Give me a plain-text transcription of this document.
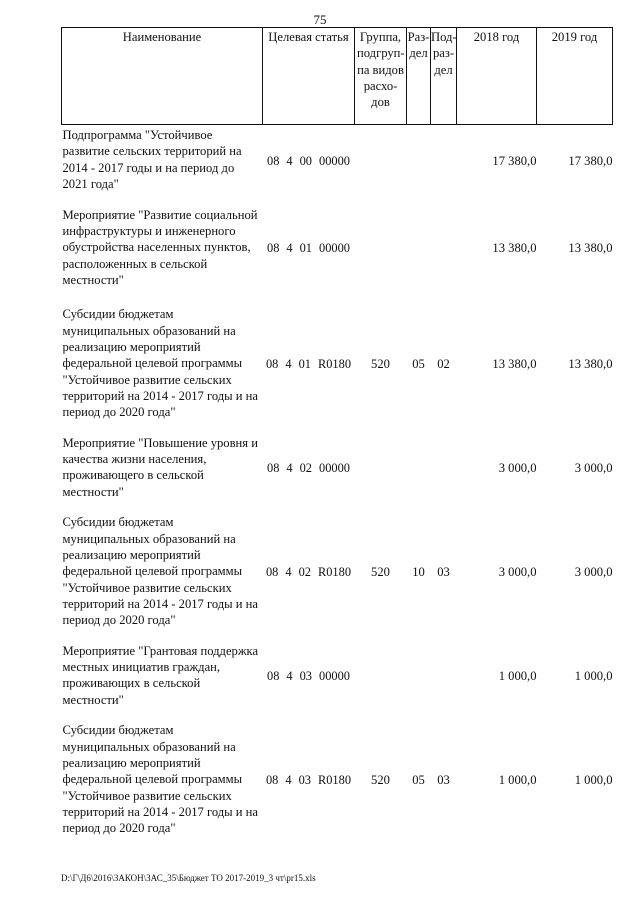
75
Наименование	Целевая статья	Группа, подгруп-па видов расхо-дов	Раз-дел	Под-раз-дел	2018 год	2019 год
Подпрограмма "Устойчивое развитие сельских территорий на 2014 - 2017 годы и на период до 2021 года"	08 4 00 00000				17 380,0	17 380,0
Мероприятие "Развитие социальной инфраструктуры и инженерного обустройства населенных пунктов, расположенных в сельской местности"	08 4 01 00000				13 380,0	13 380,0
Субсидии бюджетам муниципальных образований на реализацию мероприятий федеральной целевой программы "Устойчивое развитие сельских территорий на 2014 - 2017 годы и на период до 2020 года"	08 4 01 R0180	520	05	02	13 380,0	13 380,0
Мероприятие "Повышение уровня и качества жизни населения, проживающего в сельской местности"	08 4 02 00000				3 000,0	3 000,0
Субсидии бюджетам муниципальных образований на реализацию мероприятий федеральной целевой программы "Устойчивое развитие сельских территорий на 2014 - 2017 годы и на период до 2020 года"	08 4 02 R0180	520	10	03	3 000,0	3 000,0
Мероприятие "Грантовая поддержка местных инициатив граждан, проживающих в сельской местности"	08 4 03 00000				1 000,0	1 000,0
Субсидии бюджетам муниципальных образований на реализацию мероприятий федеральной целевой программы "Устойчивое развитие сельских территорий на 2014 - 2017 годы и на период до 2020 года"	08 4 03 R0180	520	05	03	1 000,0	1 000,0
D:\Г\Д6\2016\ЗАКОН\ЗАС_35\Бюджет ТО 2017-2019_3 чт\pr15.xls
